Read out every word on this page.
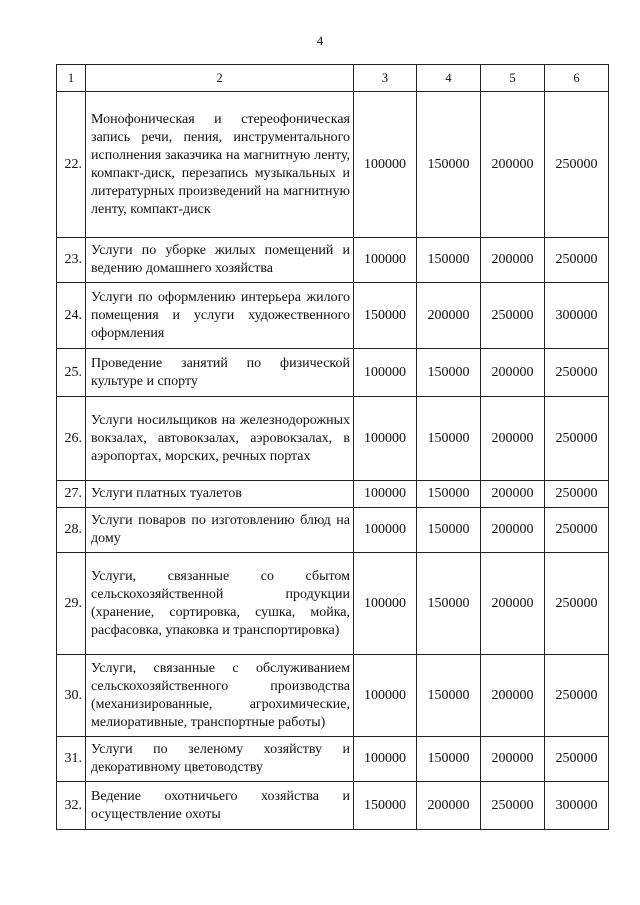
4
1	2	3	4	5	6
22.	Монофоническая и стереофоническая запись речи, пения, инструментального исполнения заказчика на магнитную ленту, компакт-диск, перезапись музыкальных и литературных произведений на магнитную ленту, компакт-диск	100000	150000	200000	250000
23.	Услуги по уборке жилых помещений и ведению домашнего хозяйства	100000	150000	200000	250000
24.	Услуги по оформлению интерьера жилого помещения и услуги художественного оформления	150000	200000	250000	300000
25.	Проведение занятий по физической культуре и спорту	100000	150000	200000	250000
26.	Услуги носильщиков на железнодорожных вокзалах, автовокзалах, аэровокзалах, в аэропортах, морских, речных портах	100000	150000	200000	250000
27.	Услуги платных туалетов	100000	150000	200000	250000
28.	Услуги поваров по изготовлению блюд на дому	100000	150000	200000	250000
29.	Услуги, связанные со сбытом сельскохозяйственной продукции (хранение, сортировка, сушка, мойка, расфасовка, упаковка и транспортировка)	100000	150000	200000	250000
30.	Услуги, связанные с обслуживанием сельскохозяйственного производства (механизированные, агрохимические, мелиоративные, транспортные работы)	100000	150000	200000	250000
31.	Услуги по зеленому хозяйству и декоративному цветоводству	100000	150000	200000	250000
32.	Ведение охотничьего хозяйства и осуществление охоты	150000	200000	250000	300000
